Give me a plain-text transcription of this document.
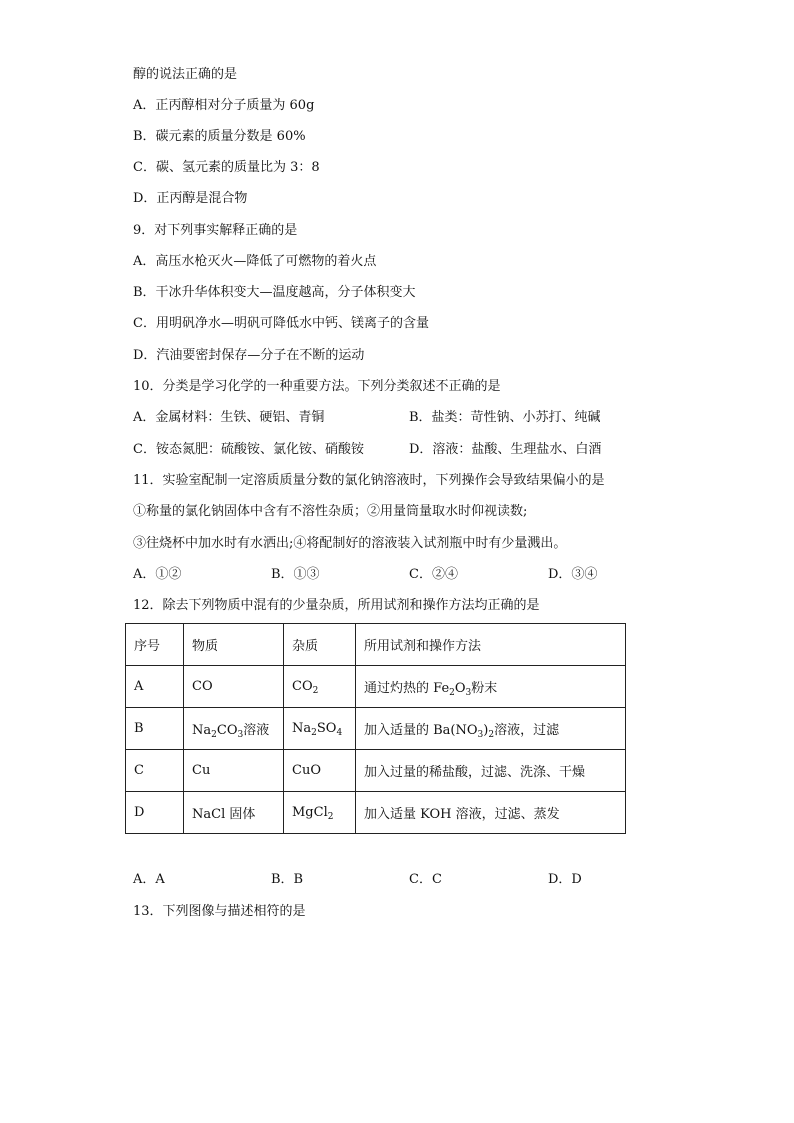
醇的说法正确的是
A．正丙醇相对分子质量为 60g
B．碳元素的质量分数是 60%
C．碳、氢元素的质量比为 3：8
D．正丙醇是混合物
9．对下列事实解释正确的是
A．高压水枪灭火—降低了可燃物的着火点
B．干冰升华体积变大—温度越高，分子体积变大
C．用明矾净水—明矾可降低水中钙、镁离子的含量
D．汽油要密封保存—分子在不断的运动
10．分类是学习化学的一种重要方法。下列分类叙述不正确的是
A．金属材料：生铁、硬铝、青铜	B．盐类：苛性钠、小苏打、纯碱
C．铵态氮肥：硫酸铵、氯化铵、硝酸铵	D．溶液：盐酸、生理盐水、白酒
11．实验室配制一定溶质质量分数的氯化钠溶液时，下列操作会导致结果偏小的是
①称量的氯化钠固体中含有不溶性杂质；②用量筒量取水时仰视读数;
③往烧杯中加水时有水洒出;④将配制好的溶液装入试剂瓶中时有少量溅出。
A．①②	B．①③	C．②④	D．③④
12．除去下列物质中混有的少量杂质，所用试剂和操作方法均正确的是
序号	物质	杂质	所用试剂和操作方法
A	CO	$CO_2$	通过灼热的 $Fe_2O_3$粉末
B	$Na_2CO_3$溶液	$Na_2SO_4$	加入适量的 $Ba(NO_3)_2$溶液，过滤
C	Cu	CuO	加入过量的稀盐酸，过滤、洗涤、干燥
D	NaCl 固体	MgCl$_2$	加入适量 KOH 溶液，过滤、蒸发
A．A	B．B	C．C	D．D
13．下列图像与描述相符的是
